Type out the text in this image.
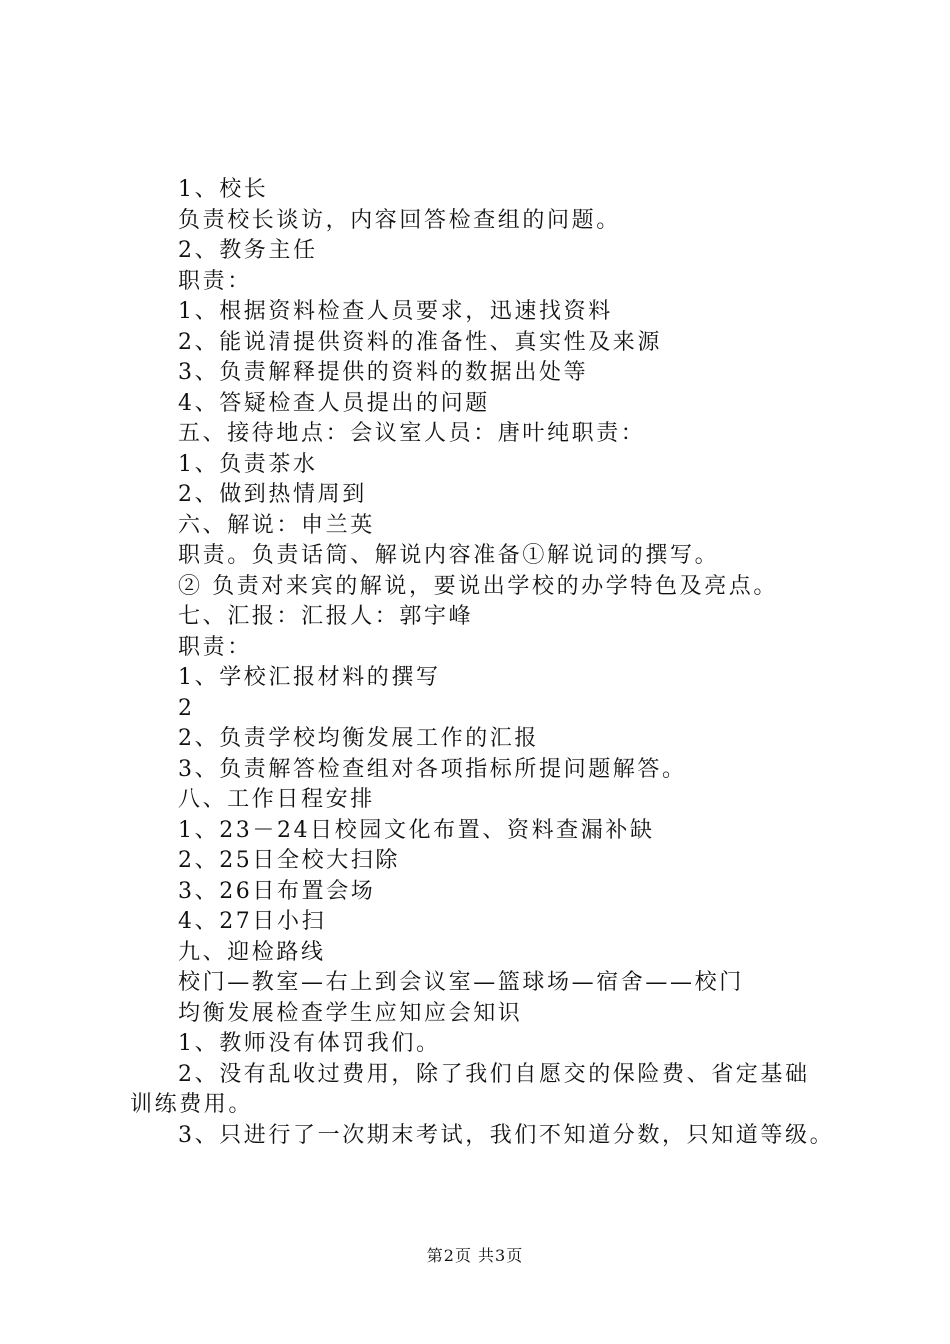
1、校长
负责校长谈访，内容回答检查组的问题。
2、教务主任
职责：
1、根据资料检查人员要求，迅速找资料
2、能说清提供资料的准备性、真实性及来源
3、负责解释提供的资料的数据出处等
4、答疑检查人员提出的问题
五、接待地点：会议室人员：唐叶纯职责：
1、负责茶水
2、做到热情周到
六、解说：申兰英
职责。负责话筒、解说内容准备①解说词的撰写。
② 负责对来宾的解说，要说出学校的办学特色及亮点。
七、汇报：汇报人：郭宇峰
职责：
1、学校汇报材料的撰写
2
2、负责学校均衡发展工作的汇报
3、负责解答检查组对各项指标所提问题解答。
八、工作日程安排
1、23－24日校园文化布置、资料查漏补缺
2、25日全校大扫除
3、26日布置会场
4、27日小扫
九、迎检路线
校门—教室—右上到会议室—篮球场—宿舍——校门
均衡发展检查学生应知应会知识
1、教师没有体罚我们。
2、没有乱收过费用，除了我们自愿交的保险费、省定基础
训练费用。
3、只进行了一次期末考试，我们不知道分数，只知道等级。
第2页 共3页
